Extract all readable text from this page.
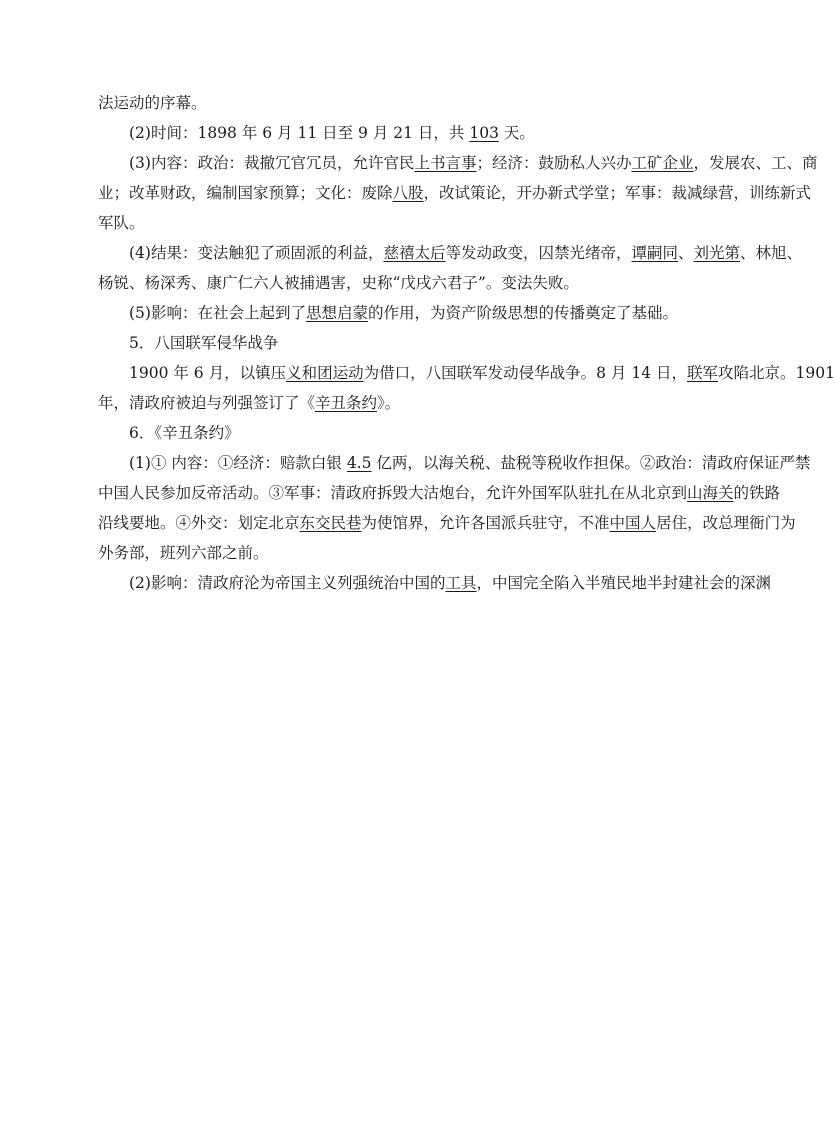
法运动的序幕。
(2)时间：1898 年 6 月 11 日至 9 月 21 日，共 103 天。
(3)内容：政治：裁撤冗官冗员，允许官民上书言事；经济：鼓励私人兴办工矿企业，发展农、工、商
业；改革财政，编制国家预算；文化：废除八股，改试策论，开办新式学堂；军事：裁减绿营，训练新式
军队。
(4)结果：变法触犯了顽固派的利益，慈禧太后等发动政变，囚禁光绪帝，谭嗣同、刘光第、林旭、
杨锐、杨深秀、康广仁六人被捕遇害，史称“戊戌六君子”。变法失败。
(5)影响：在社会上起到了思想启蒙的作用，为资产阶级思想的传播奠定了基础。
5．八国联军侵华战争
1900 年 6 月，以镇压义和团运动为借口，八国联军发动侵华战争。8 月 14 日，联军攻陷北京。1901
年，清政府被迫与列强签订了《辛丑条约》。
6．《辛丑条约》
(1)① 内容：①经济：赔款白银 4.5 亿两，以海关税、盐税等税收作担保。②政治：清政府保证严禁
中国人民参加反帝活动。③军事：清政府拆毁大沽炮台，允许外国军队驻扎在从北京到山海关的铁路
沿线要地。④外交：划定北京东交民巷为使馆界，允许各国派兵驻守，不准中国人居住，改总理衙门为
外务部，班列六部之前。
(2)影响：清政府沦为帝国主义列强统治中国的工具，中国完全陷入半殖民地半封建社会的深渊
